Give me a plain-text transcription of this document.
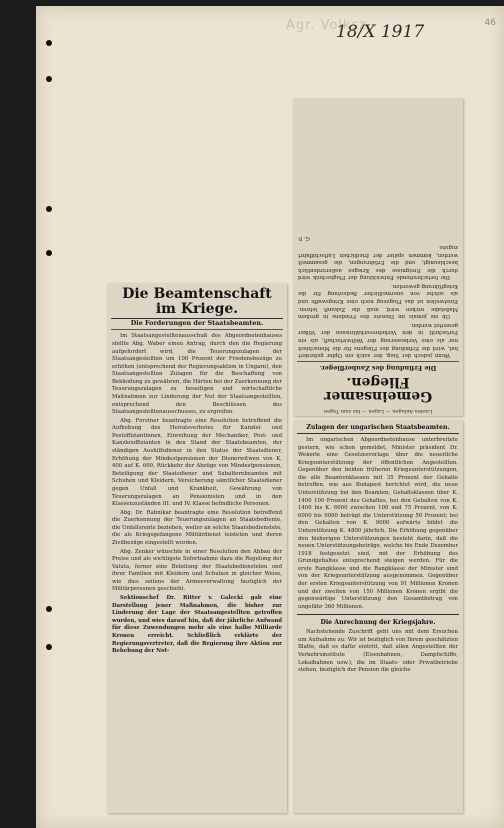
Agr. Volksz
18/X 1917	46
Die Beamtenschaft im Kriege.
Die Forderungen der Staatsbeamten.

Im Staatsangestelltenausschuß des Abgeordnetenhauses stellte Abg. Waber einen Antrag, durch den die Regierung aufgefordert wird, die Teuerungszulagen der Staatsangestellten um 100 Prozent der Friedensbezüge zu erhöhen (entsprechend der Regierungsaktion in Ungarn), den Staatsangestellten Zulagen für die Beschaffung von Bekleidung zu gewähren, die Härten bei der Zuerkennung der Teuerungszulagen zu beseitigen und wirtschaftliche Maßnahmen zur Linderung der Not der Staatsangestellten, entsprechend den Beschlüssen des Staatsangestelltenausschusses, zu ergreifen.

Abg. Forstner beantragte eine Resolution betreffend die Aufhebung des Heiratsverbotes für Kanzlei- und Postoffiziantinnen, Einreihung der Mechaniker, Post- und Kanzleioffizianten in den Stand der Staatsbeamten, der ständigen Aushilfsdiener in den Status der Staatsdiener, Erhöhung der Mindestpensionen der Dienerwitwen von K. 400 auf K. 600, Rückkehr der Abzüge von Mindestpensionen, Beteiligung der Staatsdiener und Subalternbeamten mit Schuhen und Kleidern, Versicherung sämtlicher Staatsdiener gegen Unfall und Krankheit, Gewährung von Teuerungszulagen an Pensionisten und in den Klassenzuständen III. und IV. Klasse befindliche Personen.

Abg. Dr. Rabnikar beantragte eine Resolution betreffend die Zuerkennung der Teuerungszulagen an Staatsbediente, die Unfallsrente beziehen, weiter an solche Staatsbedienstete, die als Kriegsgefangene Militärdienst leisteten und deren Zivilbezüge eingestellt wurden.

Abg. Zenker wünschte in einer Resolution den Abbau der Preise und als wichtigste Sofortnahme dazu die Regelung der Valuta, ferner eine Beteilung der Staatsbediensteten und ihrer Familien mit Kleidern und Schuhen in gleicher Weise, wie dies seitens der Armeeverwaltung bezüglich der Militärpersonen geschieht.

Sektionschef Dr. Ritter v. Galecki gab eine Darstellung jener Maßnahmen, die bisher zur Linderung der Lage der Staatsangestellten getroffen wurden, und wies darauf hin, daß der jährliche Aufwand für diese Zuwendungen mehr als eine halbe Milliarde Kronen erreicht. Schließlich erklärte der Regierungsvertreter, daß die Regierung ihre Aktion zur Behebung der Not-

Linden Anlagen — Lagen — bis zum Tagen
Gemeinsamer Fliegen.
Die Erfindung des Zauberflieger.

Wenn jedoch der Sieg, der solch ein Opfer gefordert hat, wird die Erfindung des Fliegens für die Menschheit nur als eine Verbesserung der Weltwirtschaft, als ein Fortschritt in den Verkehrsverhältnissen der Völker gewertet werden.

Ob sie jemals im Dienste des Friedens in großem Maßstabe wirken wird, muß die Zukunft lehren. Einstweilen ist das Flugzeug noch eine Kriegswaffe und als solche von unermeßlicher Bedeutung für die Kriegführung geworden.

Die fortschreitende Entwicklung der Flugtechnik wird durch die Ereignisse des Krieges außerordentlich beschleunigt, und die Erfahrungen, die gesammelt werden, kommen später der friedlichen Luftschiffahrt zugute.

G. P.

Zulagen der ungarischen Staatsbeamten.

Im ungarischen Abgeordnetenhause unterbreitete gestern, wie schon gemeldet, Minister präsident Dr. Wekerle eine Gesetzesvorlage über die neuerliche Kriegsunterstützung der öffentlichen Angestellten. Gegenüber den beiden früheren Kriegsunterstützungen, die alle Beamtenklassen mit 35 Prozent der Gehalte betroffen, wie aus Budapest berichtet wird, die neue Unterstützung bei den Beamten, Gehaltsklassen über K. 1400 100 Prozent des Gehaltes, bei den Gehalten von K. 1400 bis K. 6000 zwischen 100 und 75 Prozent, von K. 6000 bis 9000 beträgt die Unterstützung 50 Prozent; bei den Gehalten von K. 9000 aufwärts bildet die Unterstützung K. 4800 jährlich. Die Erhöhung gegenüber den bisherigen Unterstützungen besteht darin, daß die neuen Unterstützungsbeträge, welche bis Ende Dezember 1918 festgesetzt sind, mit der Erhöhung des Grundgehaltes entsprechend steigen werden. Für die erste Rangklasse und die Rangklasse der Minister sind von der Kriegsunterstützung ausgenommen. Gegenüber der ersten Kriegsunterstützung von 91 Millionen Kronen und der zweiten von 150 Millionen Kronen ergibt die gegenwärtige Unterstützung den Gesamtbetrag von ungefähr 360 Millionen.

Die Anrechnung der Kriegsjahre.

Nachstehende Zuschrift geht uns mit dem Ersuchen um Aufnahme zu: Wir ist bezüglich von Ihrem geschätzten Blatte, daß es dafür eintritt, daß allen Angestellten der Verkehrsinstitute (Eisenbahnen, Dampfschiffe, Lokalbahnen usw.), die im Staats- oder Privatbetriebe stehen, bezüglich der Pension die gleiche
